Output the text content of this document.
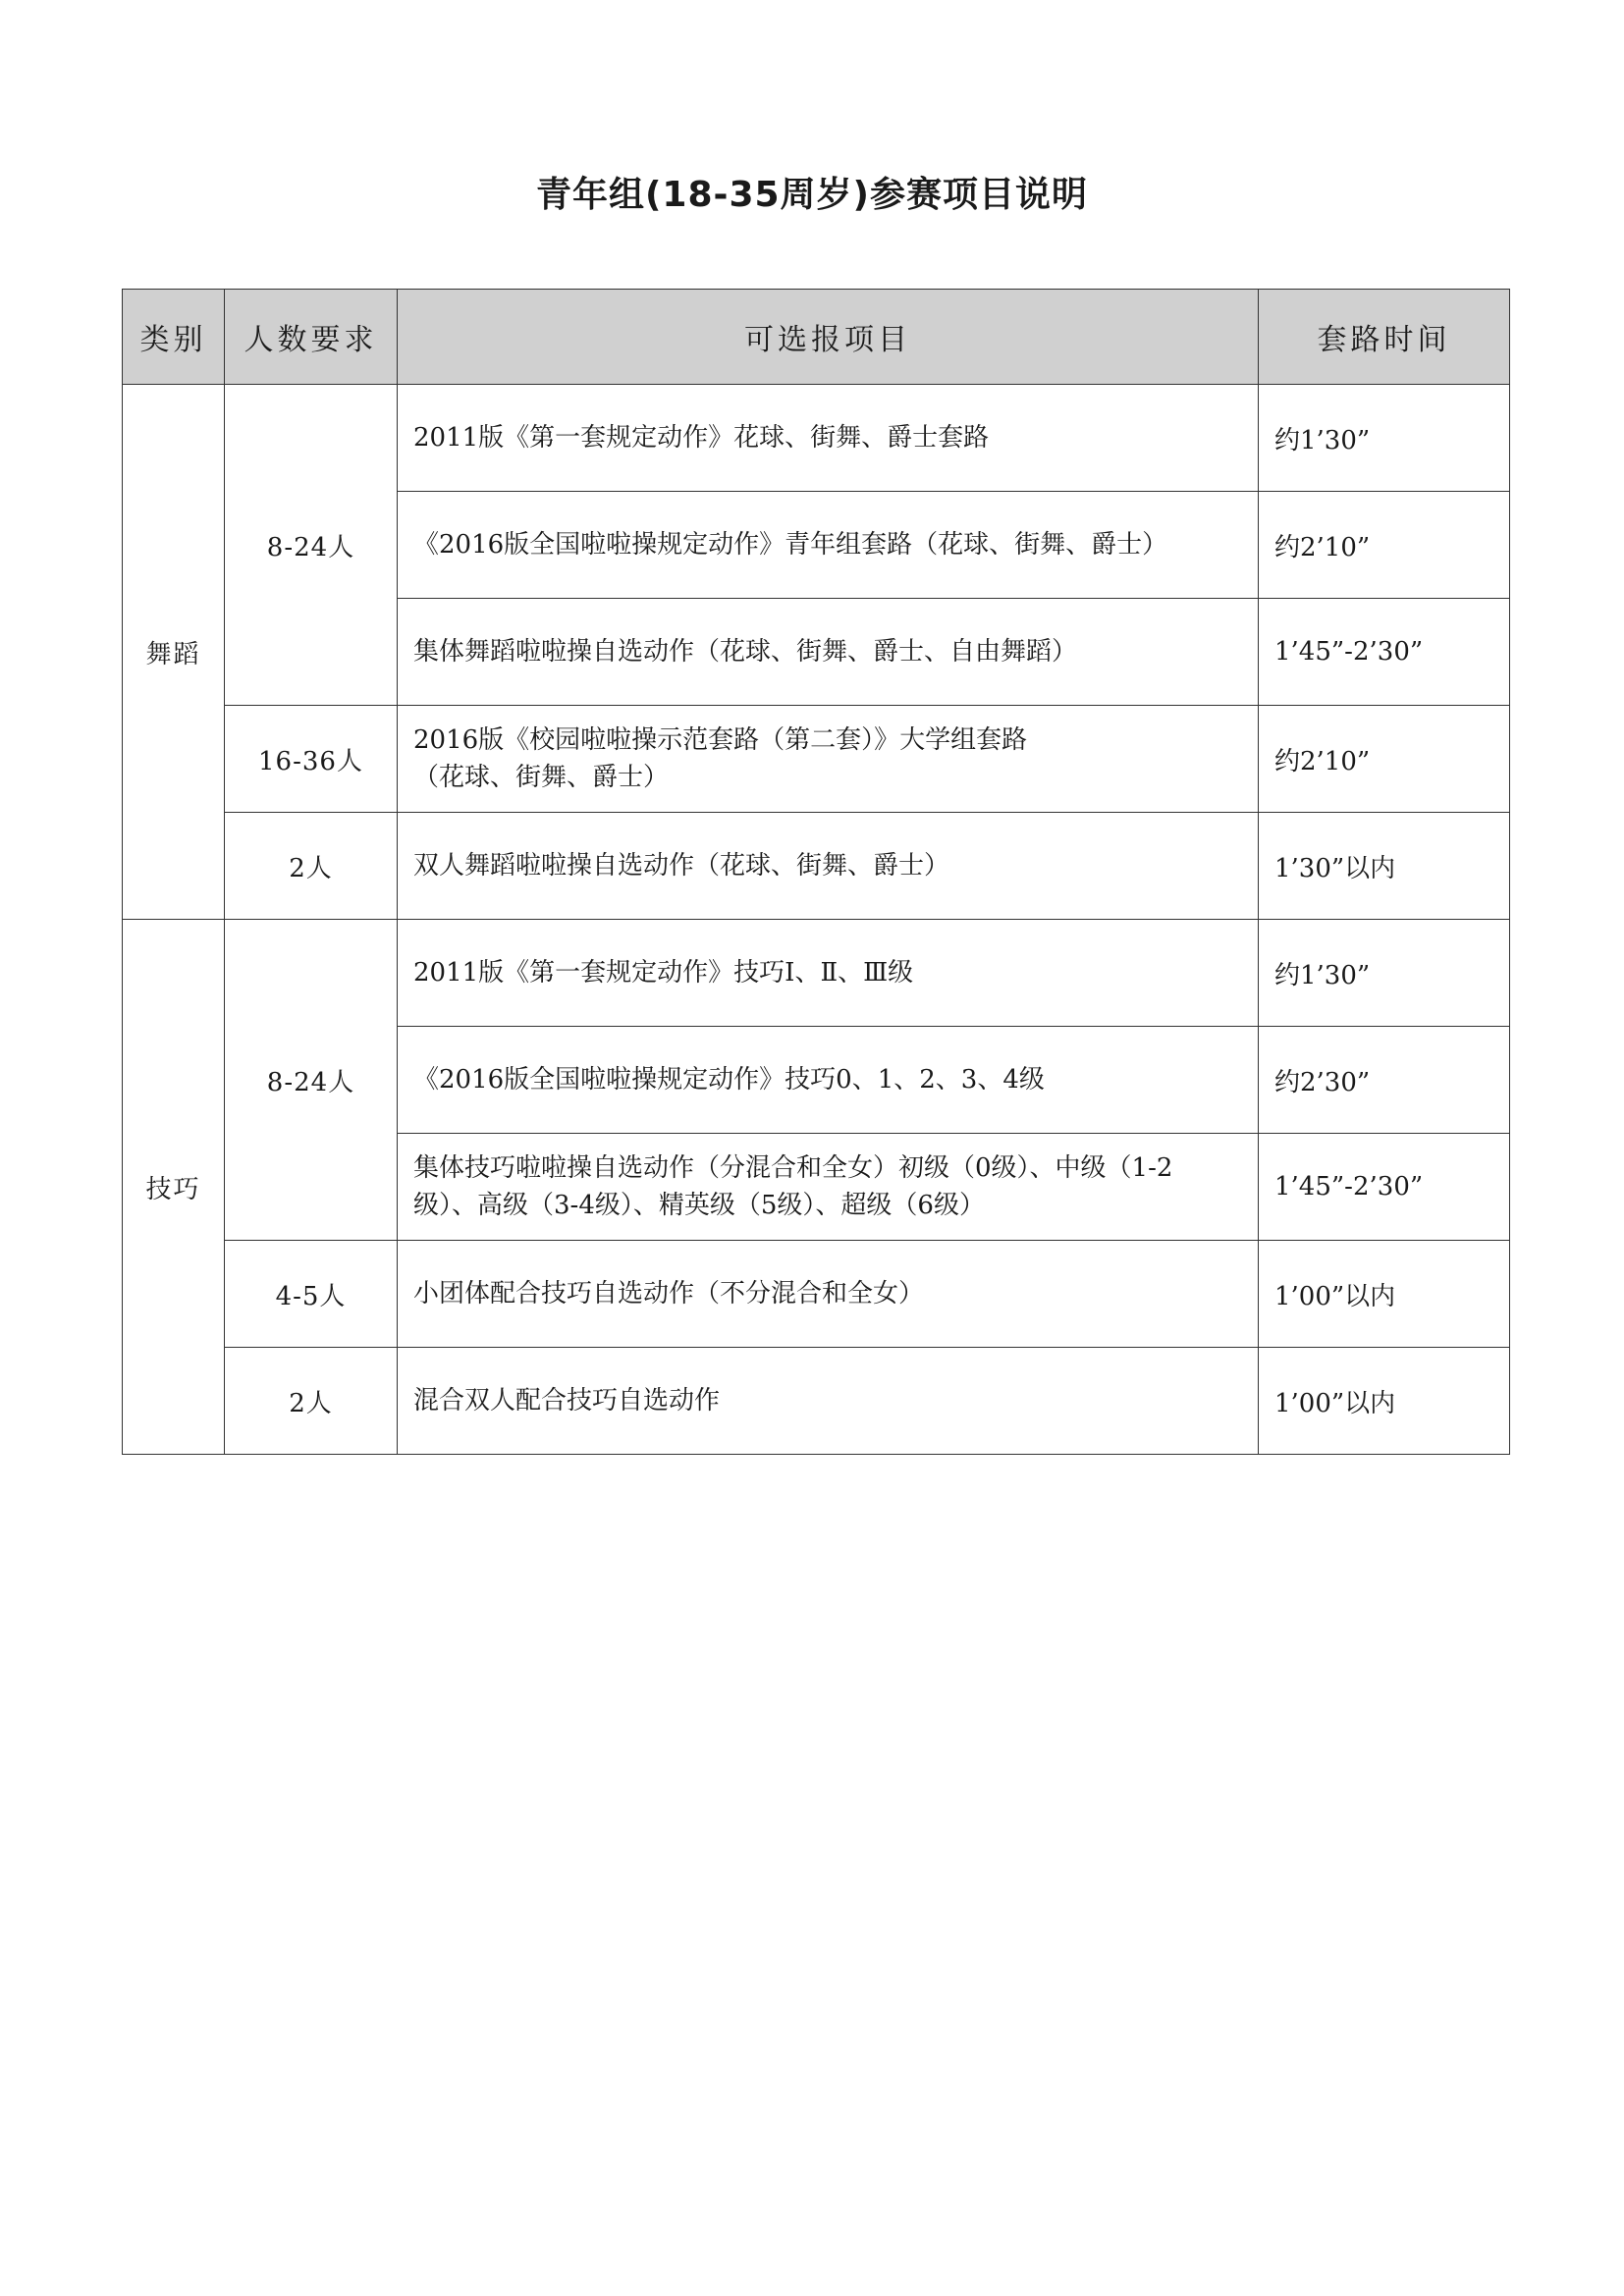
青年组(18-35周岁)参赛项目说明
类别	人数要求	可选报项目	套路时间
舞蹈	8-24人	2011版《第一套规定动作》花球、街舞、爵士套路	约1’30”
		《2016版全国啦啦操规定动作》青年组套路（花球、街舞、爵士）	约2’10”
		集体舞蹈啦啦操自选动作（花球、街舞、爵士、自由舞蹈）	1’45”-2’30”
	16-36人	2016版《校园啦啦操示范套路（第二套）》大学组套路
（花球、街舞、爵士）	约2’10”
	2人	双人舞蹈啦啦操自选动作（花球、街舞、爵士）	1’30”以内
技巧	8-24人	2011版《第一套规定动作》技巧Ⅰ、Ⅱ、Ⅲ级	约1’30”
		《2016版全国啦啦操规定动作》技巧0、1、2、3、4级	约2’30”

		集体技巧啦啦操自选动作（分混合和全女）初级（0级）、中级（1-2
级）、高级（3-4级）、精英级（5级）、超级（6级）	1’45”-2’30”
	4-5人	小团体配合技巧自选动作（不分混合和全女）	1’00”以内
	2人	混合双人配合技巧自选动作	1’00”以内
